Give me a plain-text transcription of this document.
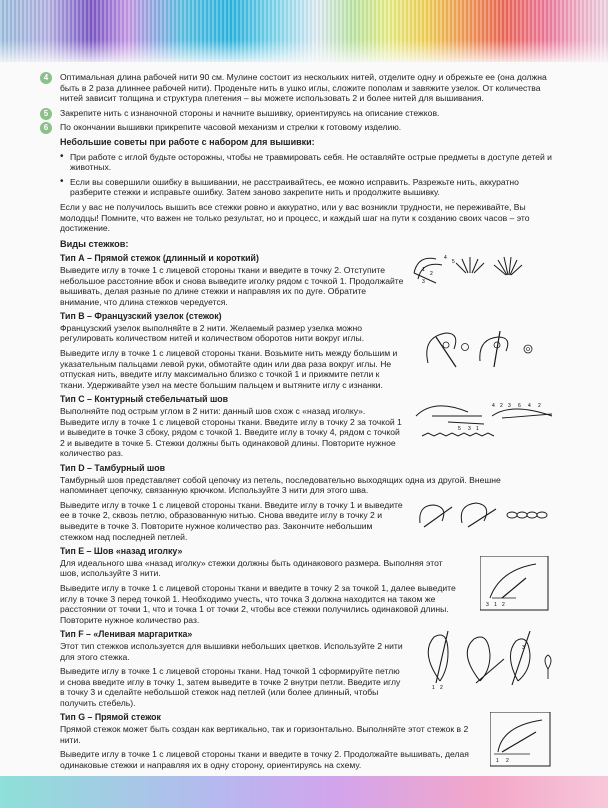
4	Оптимальная длина рабочей нити 90 см. Мулине состоит из нескольких нитей, отделите одну и обрежьте ее (она должна быть в 2 раза длиннее рабочей нити). Проденьте нить в ушко иглы, сложите пополам и завяжите узелок. От количества нитей зависит толщина и структура плетения – вы можете использовать 2 и более нитей для вышивания.

5	Закрепите нить с изнаночной стороны и начните вышивку, ориентируясь на описание стежков.

6	По окончании вышивки прикрепите часовой механизм и стрелки к готовому изделию.

Небольшие советы при работе с набором для вышивки:
• При работе с иглой будьте осторожны, чтобы не травмировать себя. Не оставляйте острые предметы в доступе детей и животных.
• Если вы совершили ошибку в вышивании, не расстраивайтесь, ее можно исправить. Разрежьте нить, аккуратно разберите стежки и исправьте ошибку. Затем заново закрепите нить и продолжите вышивку.

Если у вас не получилось вышить все стежки ровно и аккуратно, или у вас возникли трудности, не переживайте, Вы молодцы! Помните, что важен не только результат, но и процесс, и каждый шаг на пути к созданию своих часов – это достижение.

Виды стежков:
Тип А – Прямой стежок (длинный и короткий)

Выведите иглу в точке 1 с лицевой стороны ткани и введите в точку 2. Отступите небольшое расстояние вбок и снова выведите иголку рядом с точкой 1. Продолжайте вышивать, делая разные по длине стежки и направляя их по дуге. Обратите внимание, что длина стежков чередуется.

1
2
3
4
5
Тип В – Французский узелок (стежок)

Французский узелок выполняйте в 2 нити. Желаемый размер узелка можно регулировать количеством нитей и количеством оборотов нити вокруг иглы.

Выведите иглу в точке 1 с лицевой стороны ткани. Возьмите нить между большим и указательным пальцами левой руки, обмотайте один или два раза вокруг иглы. Не отпуская нить, введите иглу максимально близко с точкой 1 и прижмите петли к ткани. Удерживайте узел на месте большим пальцем и вытяните иглу с изнанки.

Тип С – Контурный стебельчатый шов

Выполняйте под острым углом в 2 нити: данный шов схож с «назад иголку». Выведите иглу в точке 1 с лицевой стороны ткани. Введите иглу в точку 2 за точкой 1 и выведите в точке 3 сбоку, рядом с точкой 1. Введите иглу в точку 4, рядом с точкой 2 и выведите в точке 5. Стежки должны быть одинаковой длины. Повторите нужное количество раз.

4 2 3 6 4 2
5 3 1
Тип D – Тамбурный шов

Тамбурный шов представляет собой цепочку из петель, последовательно выходящих одна из другой. Внешне напоминает цепочку, связанную крючком. Используйте 3 нити для этого шва.

Выведите иглу в точке 1 с лицевой стороны ткани. Введите иглу в точку 1 и выведите ее в точке 2, сквозь петлю, образованную нитью. Снова введите иглу в точку 2 и выведите в точке 3. Повторите нужное количество раз. Закончите небольшим стежком над последней петлей.

Тип Е – Шов «назад иголку»

Для идеального шва «назад иголку» стежки должны быть одинакового размера. Выполняя этот шов, используйте 3 нити.

Выведите иглу в точке 1 с лицевой стороны ткани и введите в точку 2 за точкой 1, далее выведите иглу в точке 3 перед точкой 1. Необходимо учесть, что точка 3 должна находится на таком же расстоянии от точки 1, что и точка 1 от точки 2, чтобы все стежки получились одинаковой длины. Повторите нужное количество раз.

3 1 2
Тип F – «Ленивая маргаритка»

Этот тип стежков используется для вышивки небольших цветков. Используйте 2 нити для этого стежка.

Выведите иглу в точке 1 с лицевой стороны ткани. Над точкой 1 сформируйте петлю и снова введите иглу в точку 1, затем выведите в точке 2 внутри петли. Введите иглу в точку 3 и сделайте небольшой стежок над петлей (или более длинный, чтобы получить стебель).

1 2
3
Тип G – Прямой стежок

Прямой стежок может быть создан как вертикально, так и горизонтально. Выполняйте этот стежок в 2 нити.

Выведите иглу в точке 1 с лицевой стороны ткани и введите в точку 2. Продолжайте вышивать, делая одинаковые стежки и направляя их в одну сторону, ориентируясь на схему.	1 2
